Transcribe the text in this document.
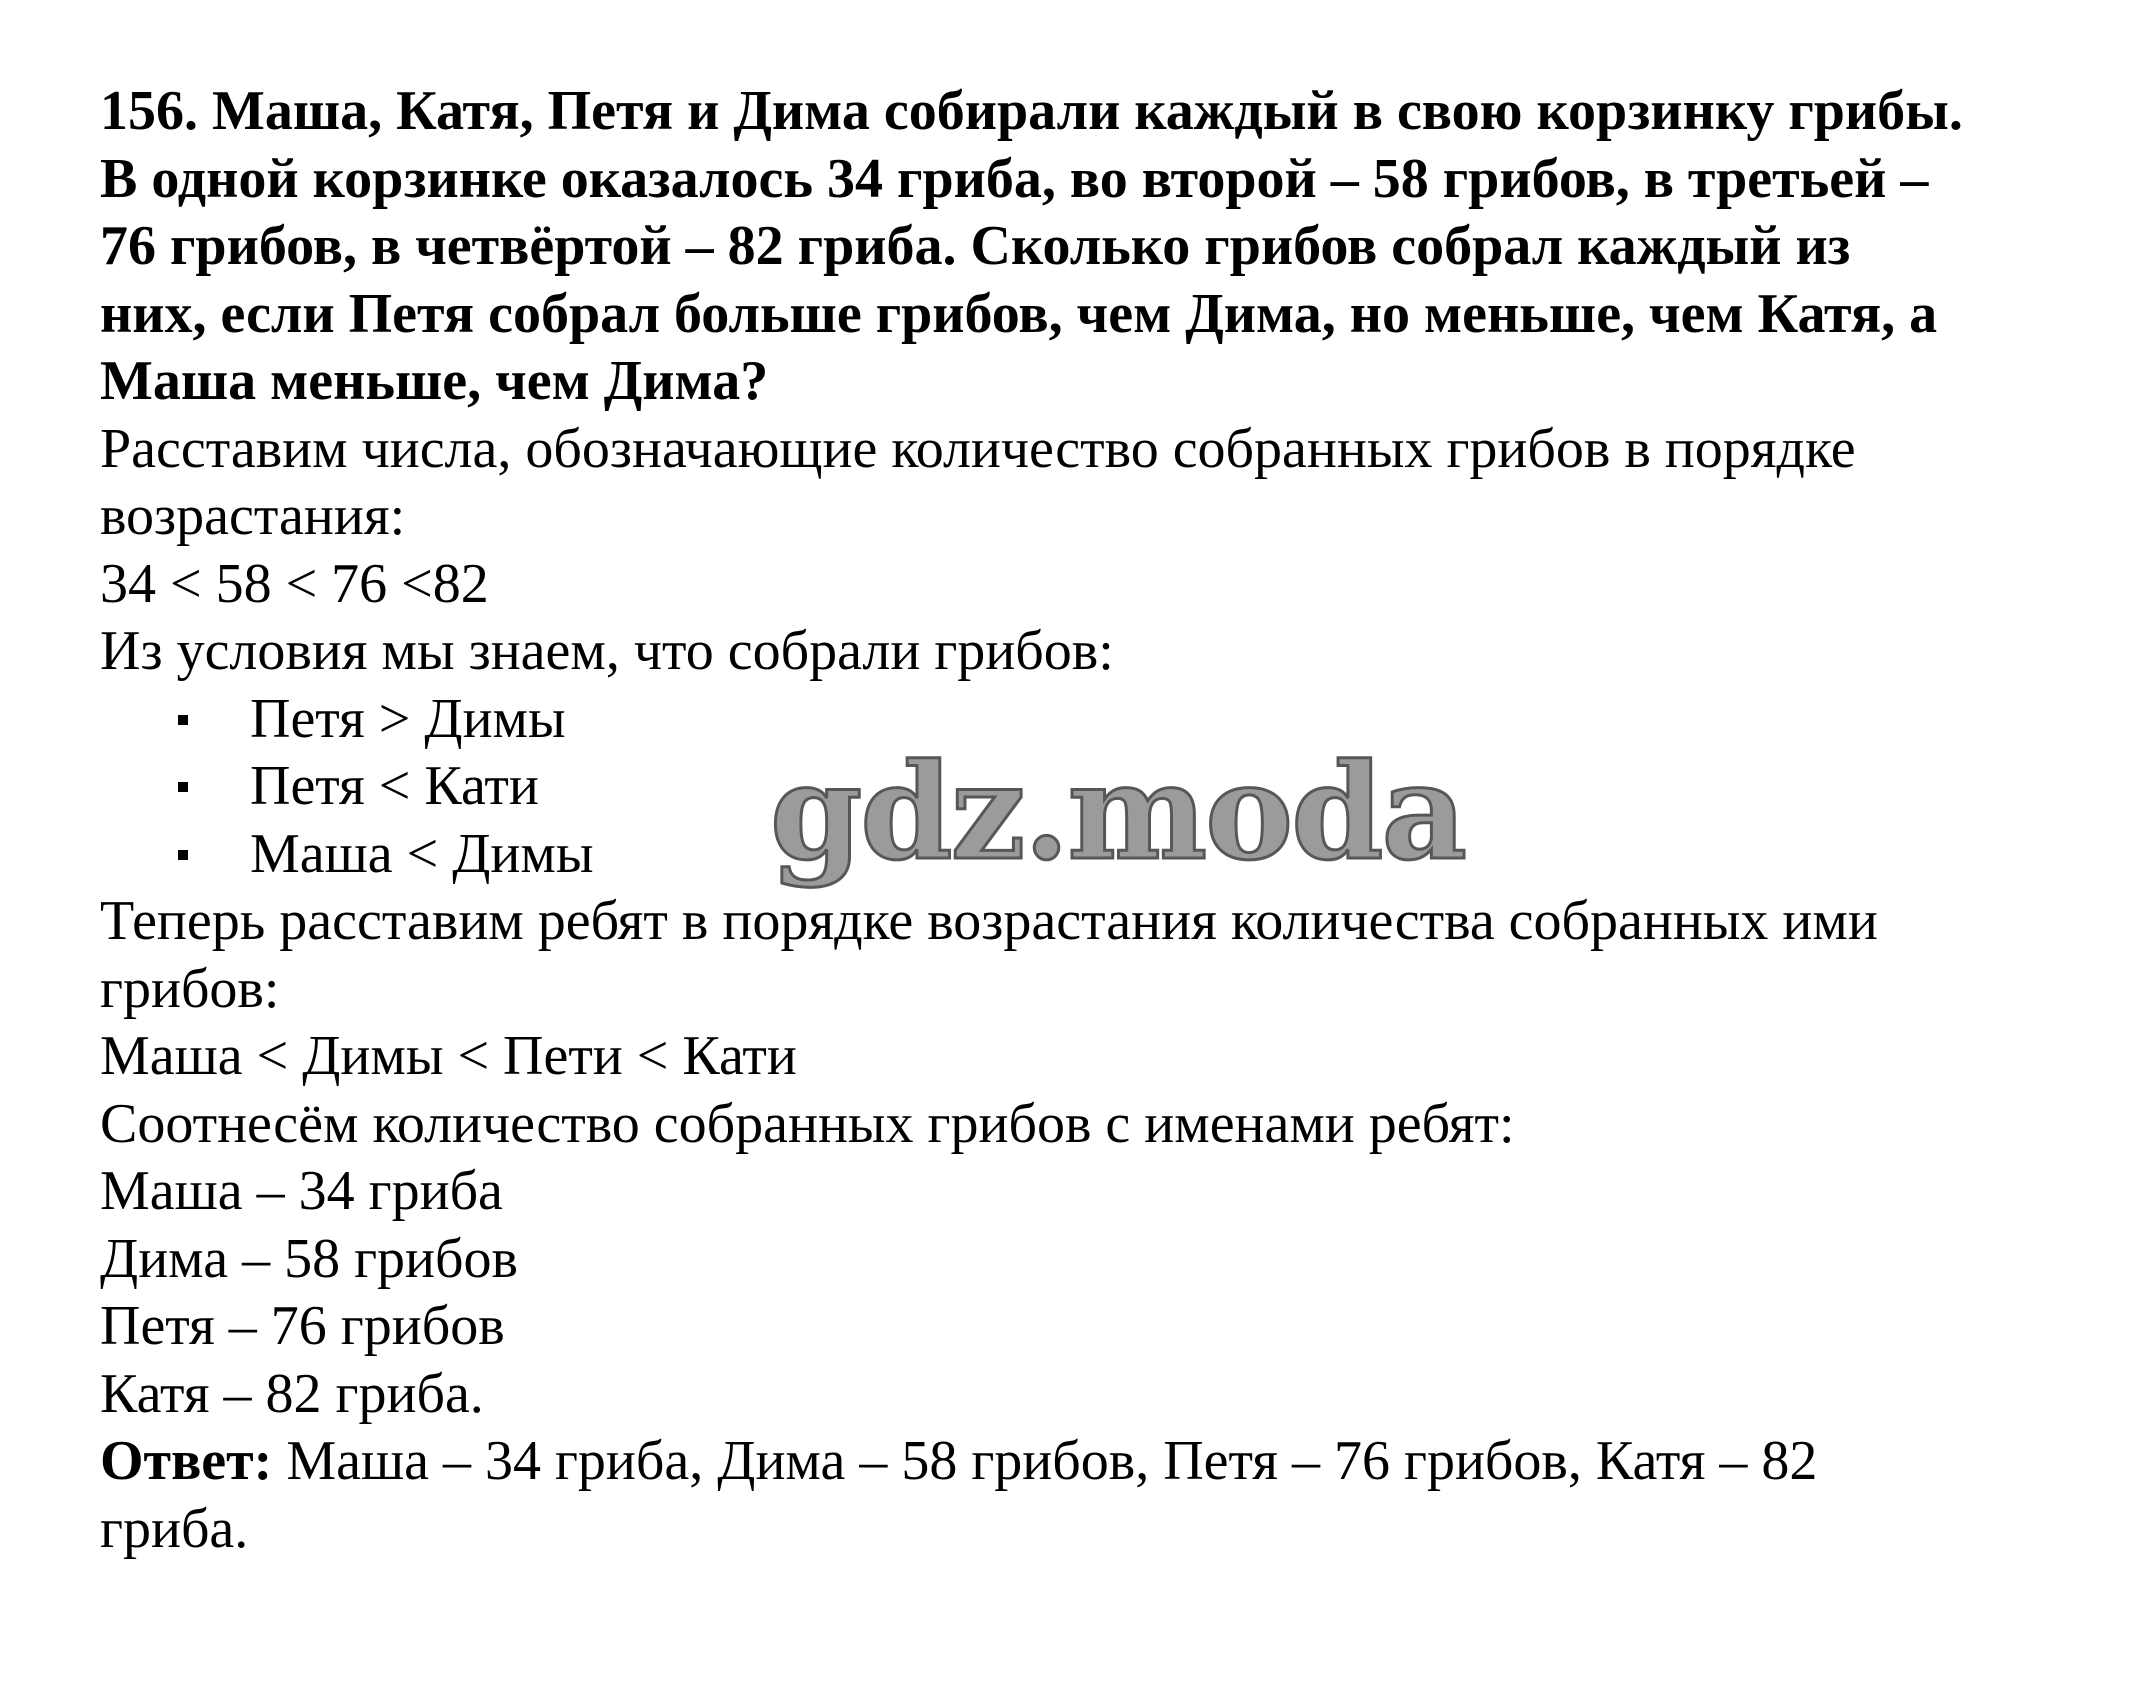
156. Маша, Катя, Петя и Дима собирали каждый в свою корзинку грибы.
В одной корзинке оказалось 34 гриба, во второй – 58 грибов, в третьей –
76 грибов, в четвёртой – 82 гриба. Сколько грибов собрал каждый из
них, если Петя собрал больше грибов, чем Дима, но меньше, чем Катя, а
Маша меньше, чем Дима?
Расставим числа, обозначающие количество собранных грибов в порядке
возрастания:
34 < 58 < 76 <82
Из условия мы знаем, что собрали грибов:
Петя > Димы
Петя < Кати
Маша < Димы
Теперь расставим ребят в порядке возрастания количества собранных ими
грибов:
Маша < Димы < Пети < Кати
Соотнесём количество собранных грибов с именами ребят:
Маша – 34 гриба
Дима – 58 грибов
Петя – 76 грибов
Катя – 82 гриба.
Ответ: Маша – 34 гриба, Дима – 58 грибов, Петя – 76 грибов, Катя – 82
гриба.
gdz.moda
